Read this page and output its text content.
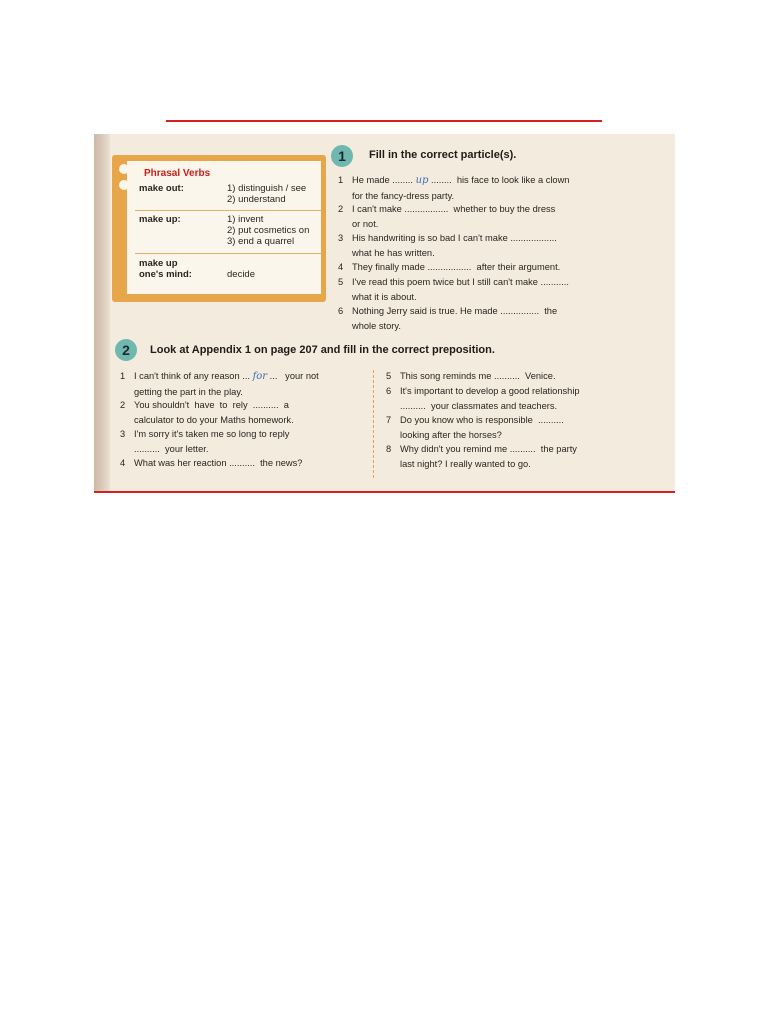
Phrasal Verbs
make out:	1) distinguish / see
2) understand
make up:	1) invent
2) put cosmetics on
3) end a quarrel
make up
one's mind:	decide
1	Fill in the correct particle(s).
1 He made ........ up ........  his face to look like a clown
for the fancy-dress party.
2 I can't make .................  whether to buy the dress
or not.
3 His handwriting is so bad I can't make ..................
what he has written.
4 They finally made .................  after their argument.
5 I've read this poem twice but I still can't make ...........
what it is about.
6 Nothing Jerry said is true. He made ...............  the
whole story.
2	Look at Appendix 1 on page 207 and fill in the correct preposition.
1 I can't think of any reason ... for ...   your not
getting the part in the play.
2 You shouldn't  have  to  rely  ..........  a
calculator to do your Maths homework.
3 I'm sorry it's taken me so long to reply
..........  your letter.
4 What was her reaction ..........  the news?
5 This song reminds me ..........  Venice.
6 It's important to develop a good relationship
..........  your classmates and teachers.
7 Do you know who is responsible  ..........
looking after the horses?
8 Why didn't you remind me ..........  the party
last night? I really wanted to go.
